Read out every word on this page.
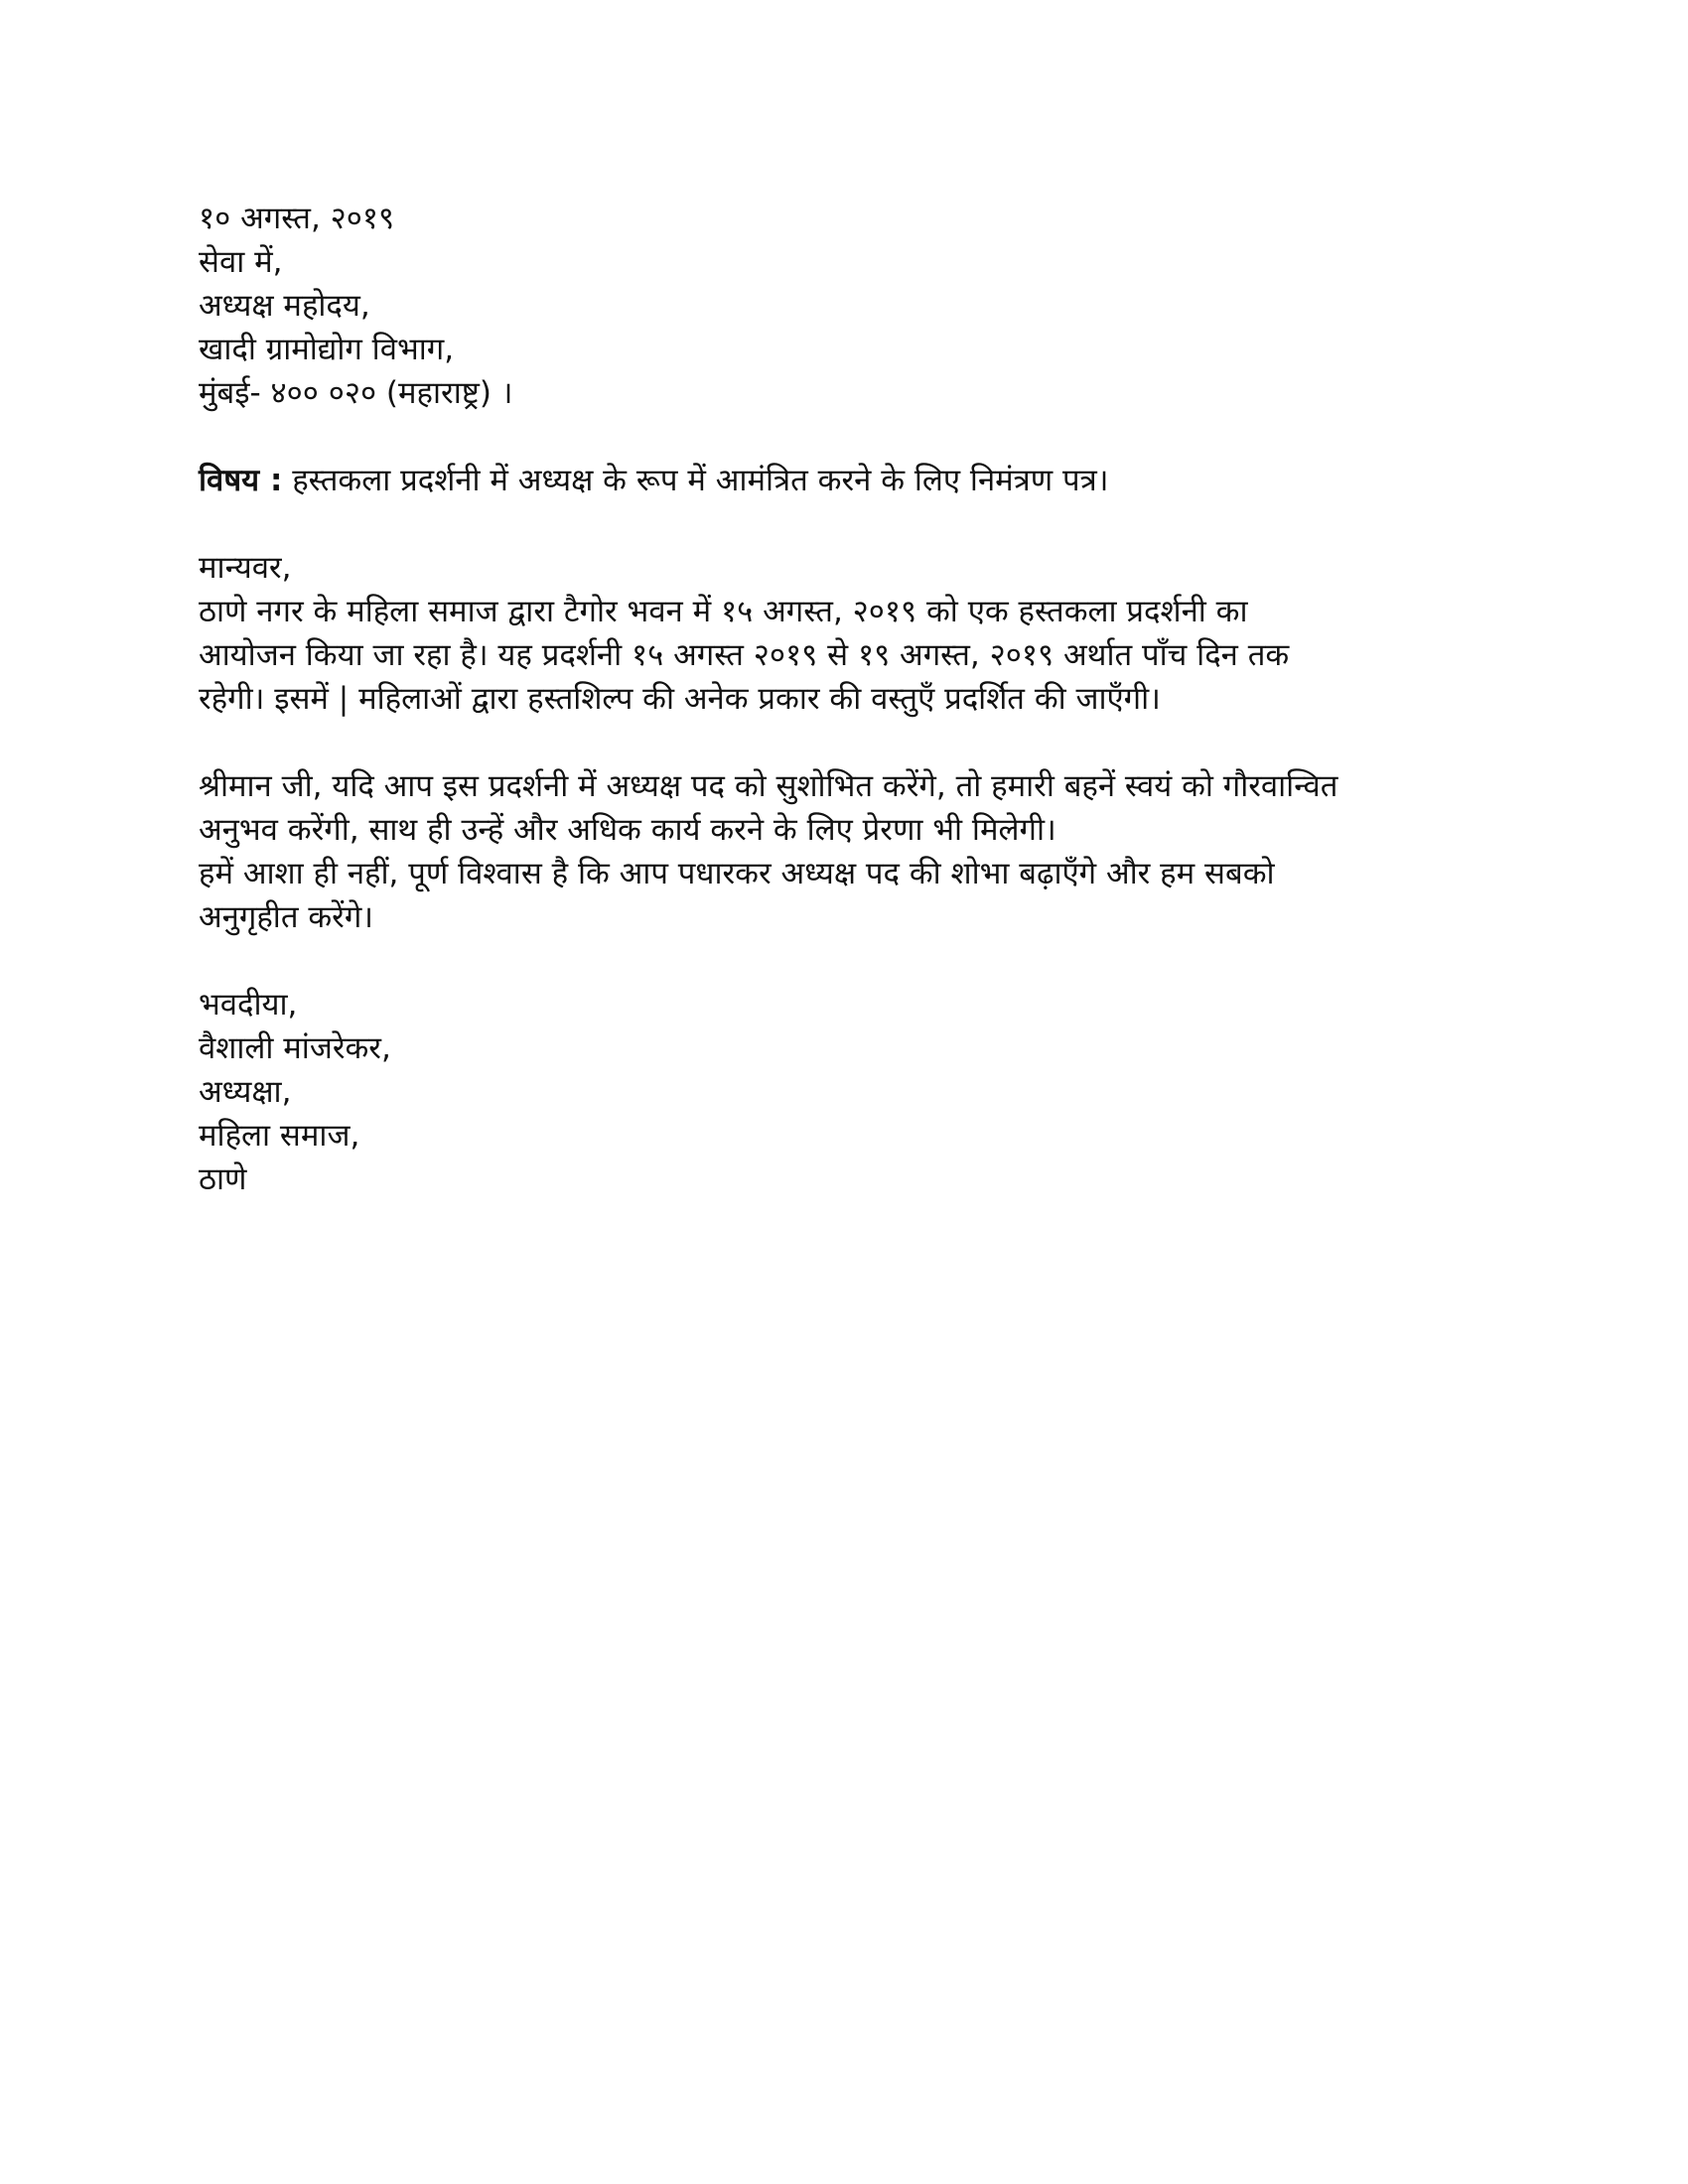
१० अगस्त, २०१९
सेवा में,
अध्यक्ष महोदय,
खादी ग्रामोद्योग विभाग,
मुंबई- ४०० ०२० (महाराष्ट्र) ।
विषय : हस्तकला प्रदर्शनी में अध्यक्ष के रूप में आमंत्रित करने के लिए निमंत्रण पत्र।
मान्यवर,
ठाणे नगर के महिला समाज द्वारा टैगोर भवन में १५ अगस्त, २०१९ को एक हस्तकला प्रदर्शनी का
आयोजन किया जा रहा है। यह प्रदर्शनी १५ अगस्त २०१९ से १९ अगस्त, २०१९ अर्थात पाँच दिन तक
रहेगी। इसमें | महिलाओं द्वारा हस्तशिल्प की अनेक प्रकार की वस्तुएँ प्रदर्शित की जाएँगी।
श्रीमान जी, यदि आप इस प्रदर्शनी में अध्यक्ष पद को सुशोभित करेंगे, तो हमारी बहनें स्वयं को गौरवान्वित
अनुभव करेंगी, साथ ही उन्हें और अधिक कार्य करने के लिए प्रेरणा भी मिलेगी।
हमें आशा ही नहीं, पूर्ण विश्वास है कि आप पधारकर अध्यक्ष पद की शोभा बढ़ाएँगे और हम सबको
अनुगृहीत करेंगे।
भवदीया,
वैशाली मांजरेकर,
अध्यक्षा,
महिला समाज,
ठाणे
